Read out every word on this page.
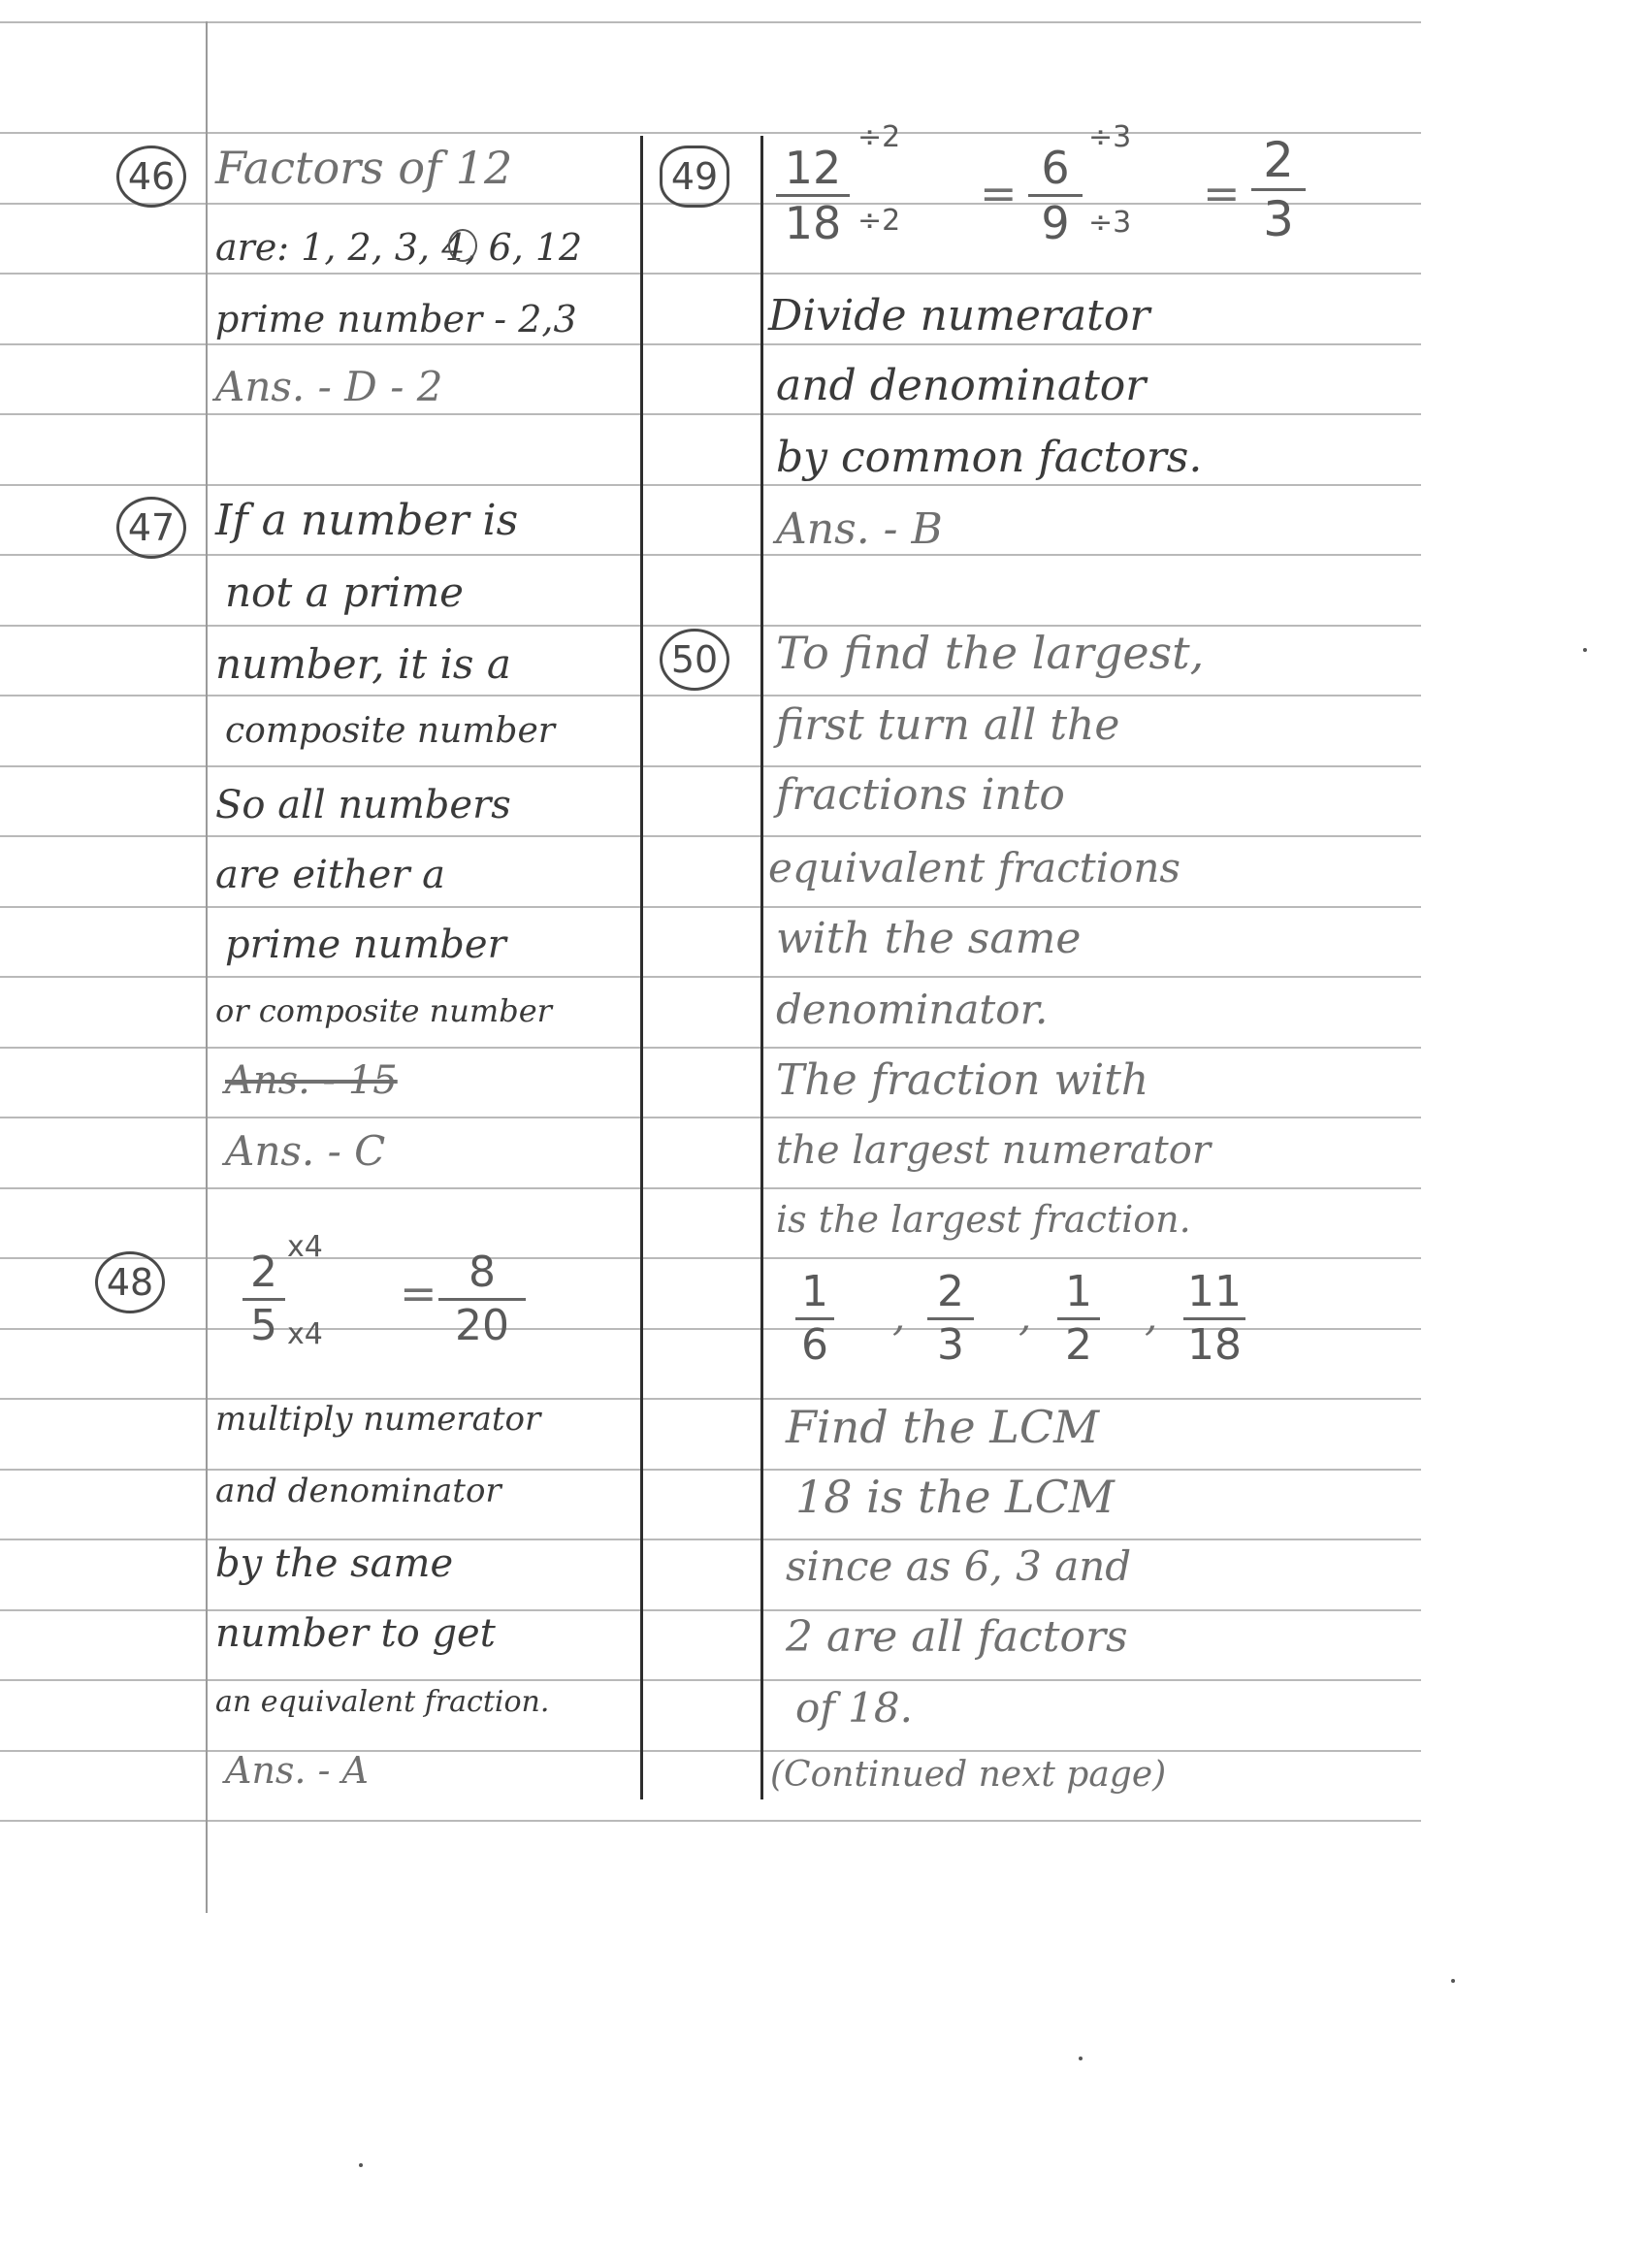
46 Factors of 12
are: 1, 2, 3, 4, 6, 12
prime number - 2,3
Ans. - D - 2
47 If a number is
not a prime
number, it is a
composite number
So all numbers
are either a
prime number
or composite number
Ans. - 15
Ans. - C
48 2
5
x4
x4
= 8
20
multiply numerator
and denominator
by the same
number to get
an equivalent fraction.
Ans. - A
49 12
18
÷2
÷2
= 6
9
÷3
÷3
=
2
3
Divide numerator
and denominator
by common factors.
Ans. - B
50 To find the largest,
first turn all the
fractions into
equivalent fractions
with the same
denominator.
The fraction with
the largest numerator
is the largest fraction.
1
6
, 2
3
, 1
2
, 11
18
Find the LCM
18 is the LCM
since as 6, 3 and
2 are all factors
of 18.
(Continued next page)
